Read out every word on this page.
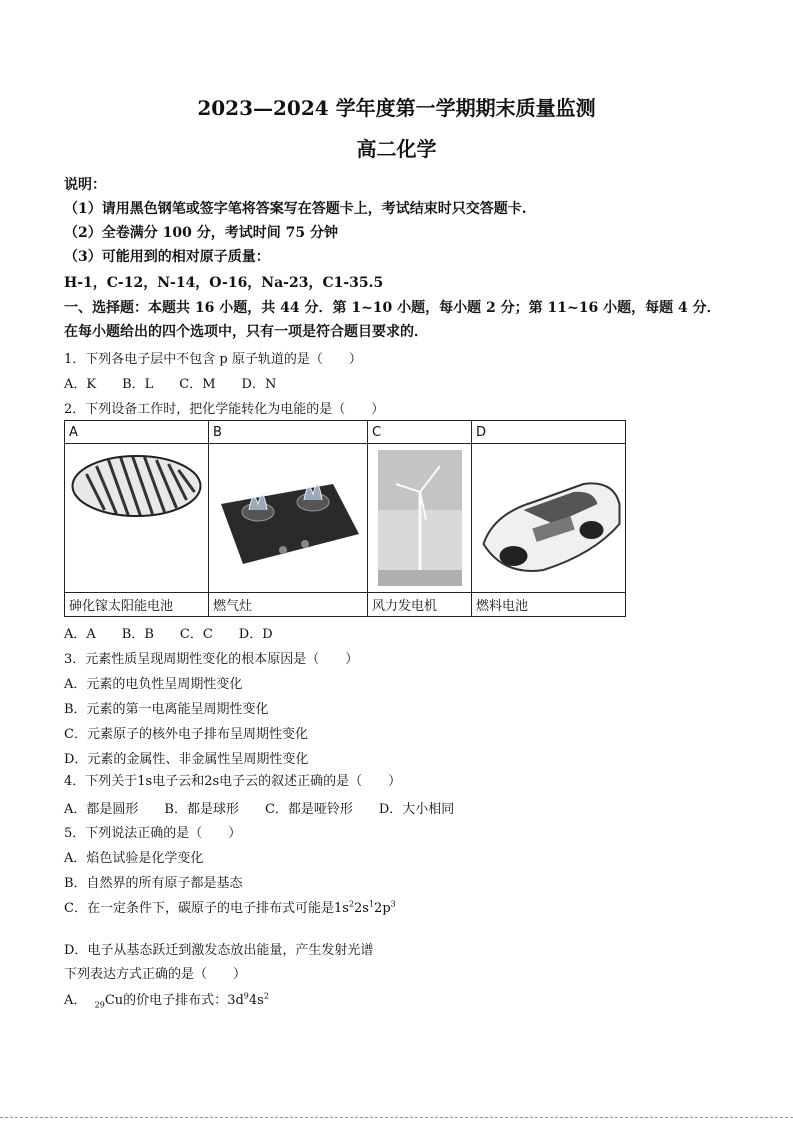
2023—2024 学年度第一学期期末质量监测
高二化学
说明：
（1）请用黑色钢笔或签字笔将答案写在答题卡上，考试结束时只交答题卡.
（2）全卷满分 100 分，考试时间 75 分钟
（3）可能用到的相对原子质量：
H-1，C-12，N-14，O-16，Na-23，C1-35.5
一、选择题：本题共 16 小题，共 44 分．第 1~10 小题，每小题 2 分；第 11~16 小题，每题 4 分．
在每小题给出的四个选项中，只有一项是符合题目要求的．
1．下列各电子层中不包含 p 原子轨道的是（　　）
A．K　　B．L　　C．M　　D．N
2．下列设备工作时，把化学能转化为电能的是（　　）
A	B	C	D

砷化镓太阳能电池	燃气灶	风力发电机	燃料电池
A．A　　B．B　　C．C　　D．D
3．元素性质呈现周期性变化的根本原因是（　　）
A．元素的电负性呈周期性变化
B．元素的第一电离能呈周期性变化
C．元素原子的核外电子排布呈周期性变化
D．元素的金属性、非金属性呈周期性变化
4．下列关于1s电子云和2s电子云的叙述正确的是（　　）
A．都是圆形　　B．都是球形　　C．都是哑铃形　　D．大小相同
5．下列说法正确的是（　　）
A．焰色试验是化学变化
B．自然界的所有原子都是基态
C．在一定条件下，碳原子的电子排布式可能是$1s^22s^12p^3$
D．电子从基态跃迁到激发态放出能量，产生发射光谱
下列表达方式正确的是（　　）
A． $_{29}$Cu的价电子排布式：$3d^94s^2$
